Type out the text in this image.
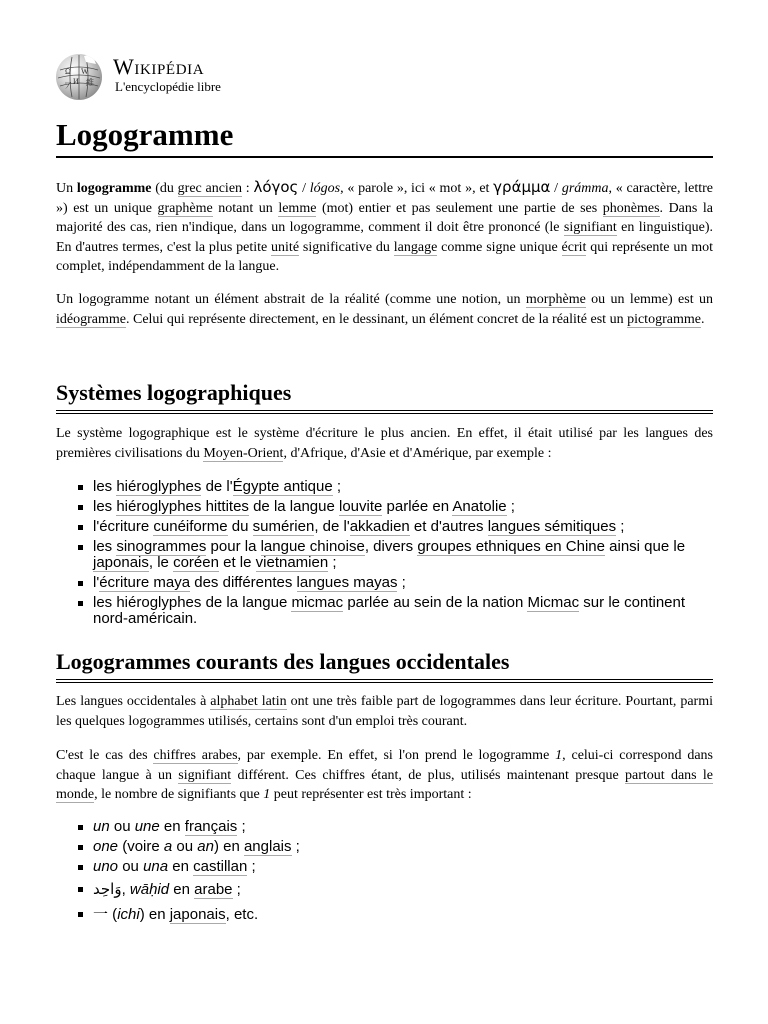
Ω W
И 維
ア
Wikipédia
L'encyclopédie libre
Logogramme

Un logogramme (du grec ancien : λόγος / lógos, « parole », ici « mot », et γράμμα / grámma, « caractère, lettre ») est un unique graphème notant un lemme (mot) entier et pas seulement une partie de ses phonèmes. Dans la majorité des cas, rien n'indique, dans un logogramme, comment il doit être prononcé (le signifiant en linguistique). En d'autres termes, c'est la plus petite unité significative du langage comme signe unique écrit qui représente un mot complet, indépendamment de la langue.

Un logogramme notant un élément abstrait de la réalité (comme une notion, un morphème ou un lemme) est un idéogramme. Celui qui représente directement, en le dessinant, un élément concret de la réalité est un pictogramme.

Systèmes logographiques

Le système logographique est le système d'écriture le plus ancien. En effet, il était utilisé par les langues des premières civilisations du Moyen-Orient, d'Afrique, d'Asie et d'Amérique, par exemple :

les hiéroglyphes de l'Égypte antique ;
les hiéroglyphes hittites de la langue louvite parlée en Anatolie ;
l'écriture cunéiforme du sumérien, de l'akkadien et d'autres langues sémitiques ;
les sinogrammes pour la langue chinoise, divers groupes ethniques en Chine ainsi que le japonais, le coréen et le vietnamien ;
l'écriture maya des différentes langues mayas ;
les hiéroglyphes de la langue micmac parlée au sein de la nation Micmac sur le continent nord-américain.
Logogrammes courants des langues occidentales

Les langues occidentales à alphabet latin ont une très faible part de logogrammes dans leur écriture. Pourtant, parmi les quelques logogrammes utilisés, certains sont d'un emploi très courant.

C'est le cas des chiffres arabes, par exemple. En effet, si l'on prend le logogramme 1, celui-ci correspond dans chaque langue à un signifiant différent. Ces chiffres étant, de plus, utilisés maintenant presque partout dans le monde, le nombre de signifiants que 1 peut représenter est très important :

un ou une en français ;
one (voire a ou an) en anglais ;
uno ou una en castillan ;
وَاحِد, wāḥid en arabe ;
一 (ichi) en japonais, etc.
